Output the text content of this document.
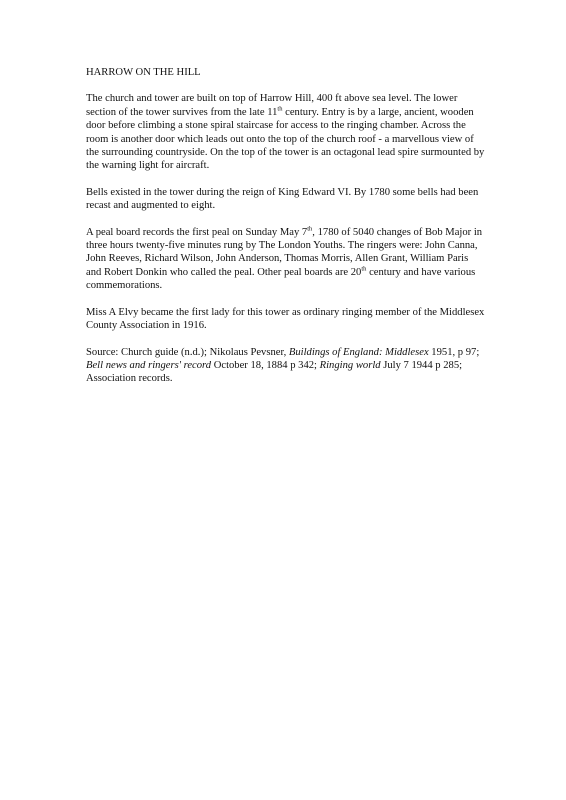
HARROW ON THE HILL

The church and tower are built on top of Harrow Hill, 400 ft above sea level. The lower section of the tower survives from the late 11th century. Entry is by a large, ancient, wooden door before climbing a stone spiral staircase for access to the ringing chamber. Across the room is another door which leads out onto the top of the church roof - a marvellous view of the surrounding countryside. On the top of the tower is an octagonal lead spire surmounted by the warning light for aircraft.

Bells existed in the tower during the reign of King Edward VI. By 1780 some bells had been recast and augmented to eight.

A peal board records the first peal on Sunday May 7th, 1780 of 5040 changes of Bob Major in three hours twenty-five minutes rung by The London Youths. The ringers were: John Canna, John Reeves, Richard Wilson, John Anderson, Thomas Morris, Allen Grant, William Paris and Robert Donkin who called the peal. Other peal boards are 20th century and have various commemorations.

Miss A Elvy became the first lady for this tower as ordinary ringing member of the Middlesex County Association in 1916.

Source: Church guide (n.d.); Nikolaus Pevsner, Buildings of England: Middlesex 1951, p 97; Bell news and ringers' record October 18, 1884 p 342; Ringing world July 7 1944 p 285; Association records.
